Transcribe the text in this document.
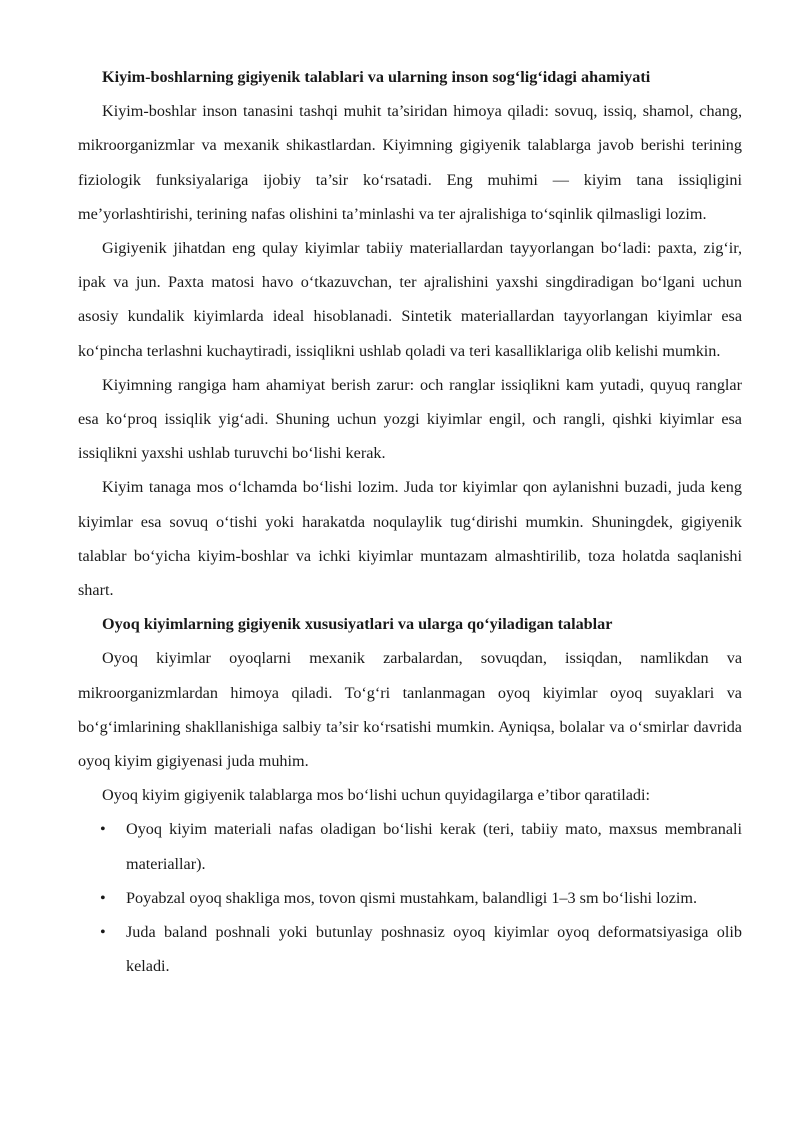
Kiyim-boshlarning gigiyenik talablari va ularning inson sog‘lig‘idagi ahamiyati

Kiyim-boshlar inson tanasini tashqi muhit ta’siridan himoya qiladi: sovuq, issiq, shamol, chang, mikroorganizmlar va mexanik shikastlardan. Kiyimning gigiyenik talablarga javob berishi terining fiziologik funksiyalariga ijobiy ta’sir ko‘rsatadi. Eng muhimi — kiyim tana issiqligini me’yorlashtirishi, terining nafas olishini ta’minlashi va ter ajralishiga to‘sqinlik qilmasligi lozim.

Gigiyenik jihatdan eng qulay kiyimlar tabiiy materiallardan tayyorlangan bo‘ladi: paxta, zig‘ir, ipak va jun. Paxta matosi havo o‘tkazuvchan, ter ajralishini yaxshi singdiradigan bo‘lgani uchun asosiy kundalik kiyimlarda ideal hisoblanadi. Sintetik materiallardan tayyorlangan kiyimlar esa ko‘pincha terlashni kuchaytiradi, issiqlikni ushlab qoladi va teri kasalliklariga olib kelishi mumkin.

Kiyimning rangiga ham ahamiyat berish zarur: och ranglar issiqlikni kam yutadi, quyuq ranglar esa ko‘proq issiqlik yig‘adi. Shuning uchun yozgi kiyimlar engil, och rangli, qishki kiyimlar esa issiqlikni yaxshi ushlab turuvchi bo‘lishi kerak.

Kiyim tanaga mos o‘lchamda bo‘lishi lozim. Juda tor kiyimlar qon aylanishni buzadi, juda keng kiyimlar esa sovuq o‘tishi yoki harakatda noqulaylik tug‘dirishi mumkin. Shuningdek, gigiyenik talablar bo‘yicha kiyim-boshlar va ichki kiyimlar muntazam almashtirilib, toza holatda saqlanishi shart.

Oyoq kiyimlarning gigiyenik xususiyatlari va ularga qo‘yiladigan talablar

Oyoq kiyimlar oyoqlarni mexanik zarbalardan, sovuqdan, issiqdan, namlikdan va mikroorganizmlardan himoya qiladi. To‘g‘ri tanlanmagan oyoq kiyimlar oyoq suyaklari va bo‘g‘imlarining shakllanishiga salbiy ta’sir ko‘rsatishi mumkin. Ayniqsa, bolalar va o‘smirlar davrida oyoq kiyim gigiyenasi juda muhim.

Oyoq kiyim gigiyenik talablarga mos bo‘lishi uchun quyidagilarga e’tibor qaratiladi:

• Oyoq kiyim materiali nafas oladigan bo‘lishi kerak (teri, tabiiy mato, maxsus membranali materiallar).
• Poyabzal oyoq shakliga mos, tovon qismi mustahkam, balandligi 1–3 sm bo‘lishi lozim.
• Juda baland poshnali yoki butunlay poshnasiz oyoq kiyimlar oyoq deformatsiyasiga olib keladi.
